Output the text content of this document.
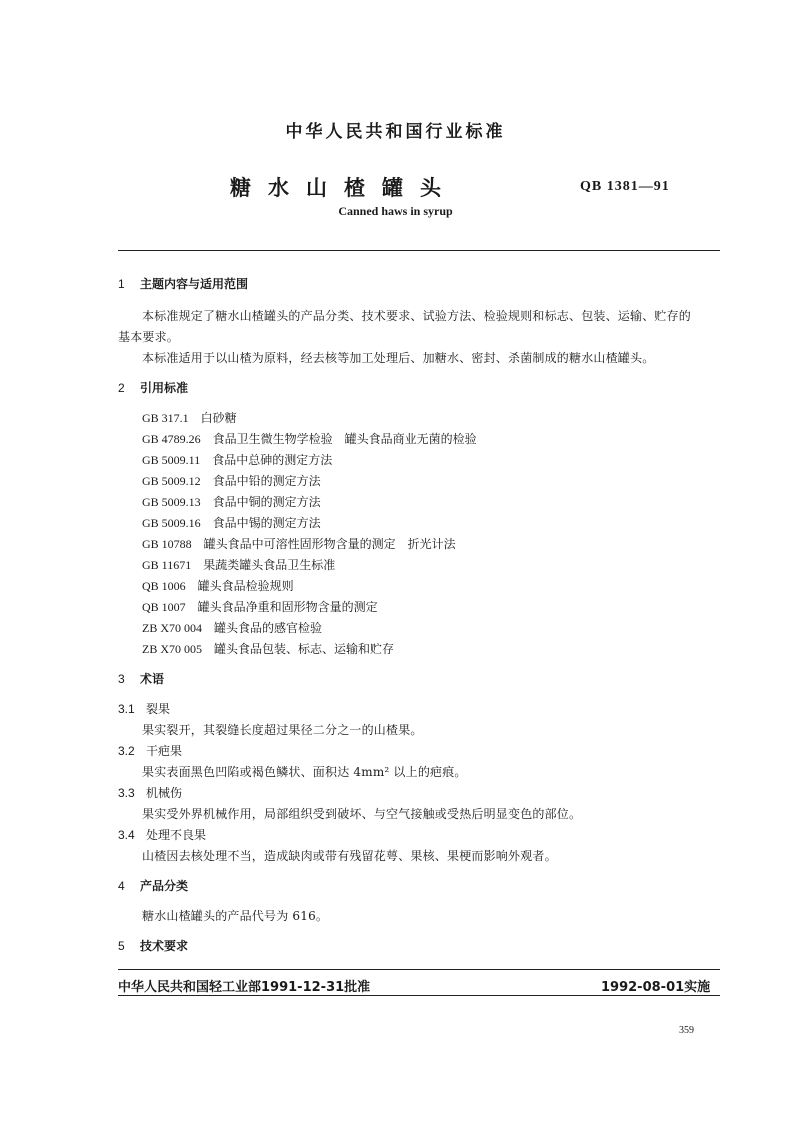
中华人民共和国行业标准
糖水山楂罐头	QB 1381—91
Canned haws in syrup
1 主题内容与适用范围
本标准规定了糖水山楂罐头的产品分类、技术要求、试验方法、检验规则和标志、包装、运输、贮存的
基本要求。
本标准适用于以山楂为原料，经去核等加工处理后、加糖水、密封、杀菌制成的糖水山楂罐头。
2 引用标准
GB 317.1 白砂糖
GB 4789.26 食品卫生微生物学检验　罐头食品商业无菌的检验
GB 5009.11 食品中总砷的测定方法
GB 5009.12 食品中铅的测定方法
GB 5009.13 食品中铜的测定方法
GB 5009.16 食品中锡的测定方法
GB 10788 罐头食品中可溶性固形物含量的测定　折光计法
GB 11671 果蔬类罐头食品卫生标准
QB 1006 罐头食品检验规则
QB 1007 罐头食品净重和固形物含量的测定
ZB X70 004 罐头食品的感官检验
ZB X70 005 罐头食品包装、标志、运输和贮存
3 术语
3.1 裂果
果实裂开，其裂缝长度超过果径二分之一的山楂果。
3.2 干疤果
果实表面黑色凹陷或褐色鳞状、面积达 4mm² 以上的疤痕。
3.3 机械伤
果实受外界机械作用，局部组织受到破坏、与空气接触或受热后明显变色的部位。
3.4 处理不良果
山楂因去核处理不当，造成缺肉或带有残留花萼、果核、果梗而影响外观者。
4 产品分类
糖水山楂罐头的产品代号为 616。
5 技术要求
中华人民共和国轻工业部1991-12-31批准	1992-08-01实施
359
